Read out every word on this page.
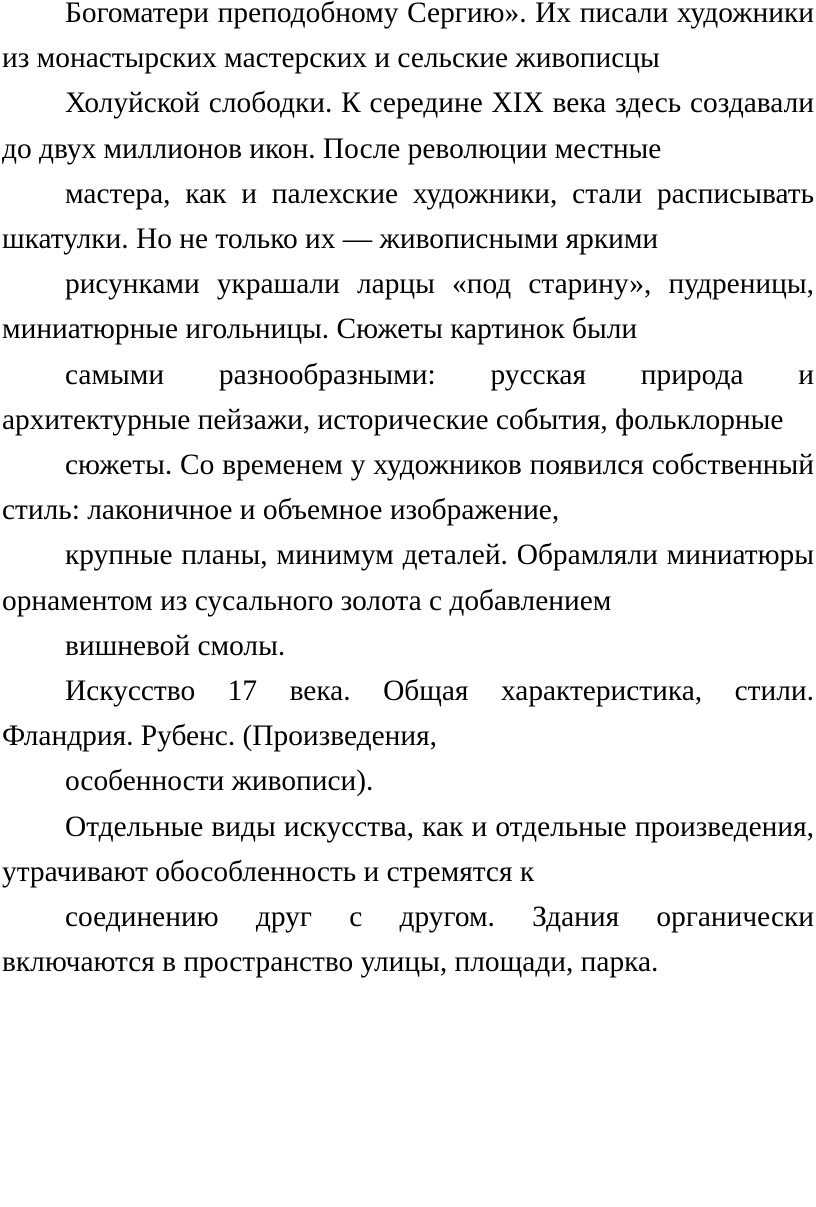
Богоматери преподобному Сергию». Их писали художники из монастырских мастерских и сельские живописцы

Холуйской слободки. К середине XIX века здесь создавали до двух миллионов икон. После революции местные

мастера, как и палехские художники, стали расписывать шкатулки. Но не только их — живописными яркими

рисунками украшали ларцы «под старину», пудреницы, миниатюрные игольницы. Сюжеты картинок были

самыми разнообразными: русская природа и архитектурные пейзажи, исторические события, фольклорные

сюжеты. Со временем у художников появился собственный стиль: лаконичное и объемное изображение,

крупные планы, минимум деталей. Обрамляли миниатюры орнаментом из сусального золота с добавлением

вишневой смолы.

Искусство 17 века. Общая характеристика, стили. Фландрия. Рубенс. (Произведения,

особенности живописи).

Отдельные виды искусства, как и отдельные произведения, утрачивают обособленность и стремятся к

соединению друг с другом. Здания органически включаются в пространство улицы, площади, парка.
